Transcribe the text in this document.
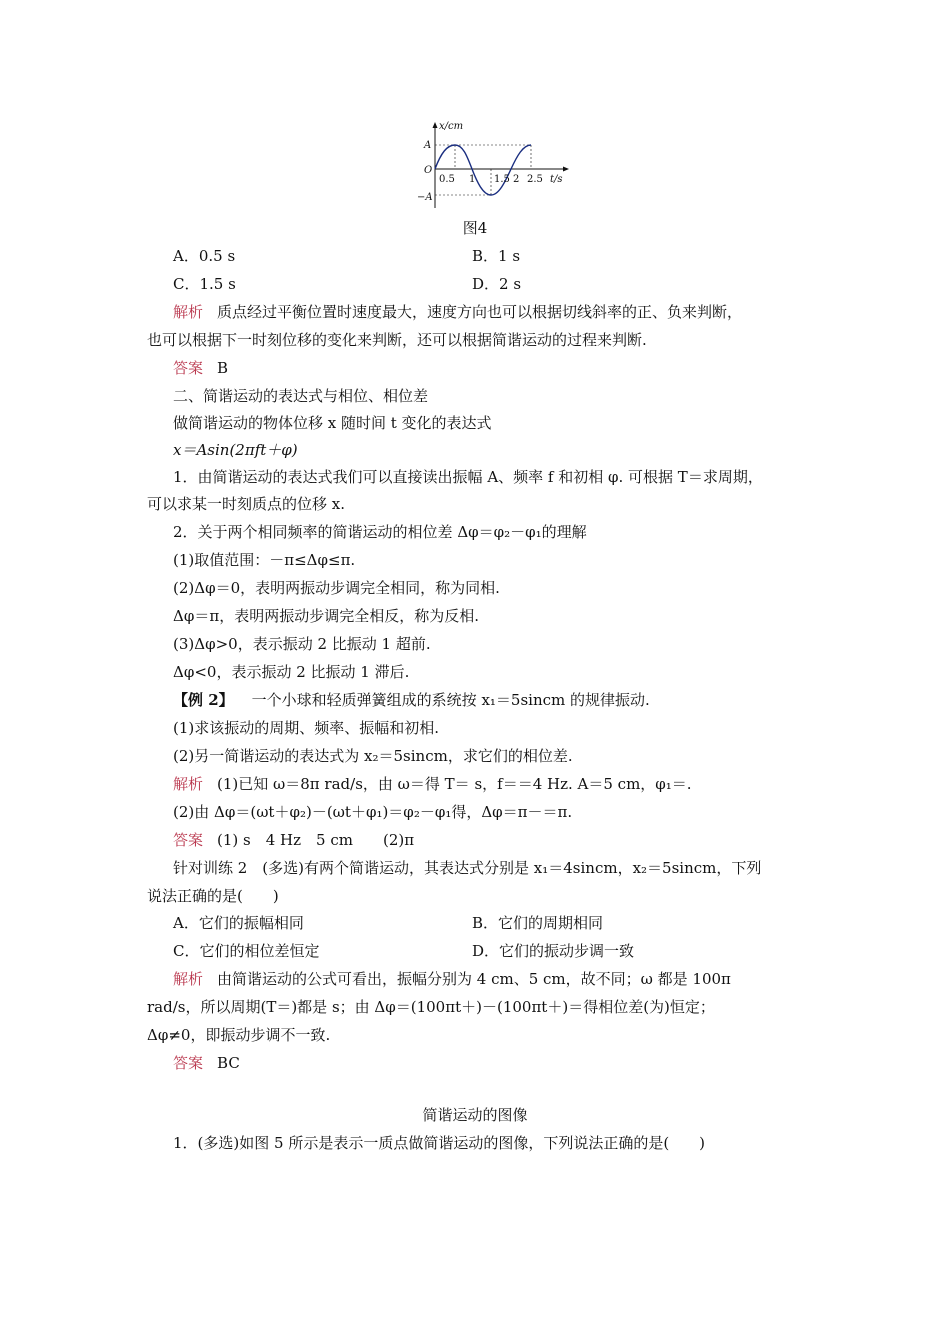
x/cm
A
O
−A
0.5 1 1.5 2 2.5 t/s
图4
A．0.5 s	B．1 s
C．1.5 s	D．2 s
解析 质点经过平衡位置时速度最大，速度方向也可以根据切线斜率的正、负来判断，
也可以根据下一时刻位移的变化来判断，还可以根据简谐运动的过程来判断.
答案 B
二、简谐运动的表达式与相位、相位差
做简谐运动的物体位移 x 随时间 t 变化的表达式
x＝Asin(2πft＋φ)
1．由简谐运动的表达式我们可以直接读出振幅 A、频率 f 和初相 φ. 可根据 T＝求周期，
可以求某一时刻质点的位移 x.
2．关于两个相同频率的简谐运动的相位差 Δφ＝φ₂－φ₁的理解
(1)取值范围：－π≤Δφ≤π.
(2)Δφ＝0，表明两振动步调完全相同，称为同相.
Δφ＝π，表明两振动步调完全相反，称为反相.
(3)Δφ>0，表示振动 2 比振动 1 超前.
Δφ<0，表示振动 2 比振动 1 滞后.
【例 2】 一个小球和轻质弹簧组成的系统按 x₁＝5sincm 的规律振动.
(1)求该振动的周期、频率、振幅和初相.
(2)另一简谐运动的表达式为 x₂＝5sincm，求它们的相位差.
解析 (1)已知 ω＝8π rad/s，由 ω＝得 T＝ s，f＝＝4 Hz. A＝5 cm，φ₁＝.
(2)由 Δφ＝(ωt＋φ₂)－(ωt＋φ₁)＝φ₂－φ₁得，Δφ＝π－＝π.
答案 (1) s　4 Hz　5 cm　　(2)π
针对训练 2　(多选)有两个简谐运动，其表达式分别是 x₁＝4sincm，x₂＝5sincm，下列
说法正确的是(　　)
A．它们的振幅相同	B．它们的周期相同
C．它们的相位差恒定	D．它们的振动步调一致
解析 由简谐运动的公式可看出，振幅分别为 4 cm、5 cm，故不同；ω 都是 100π
rad/s，所以周期(T＝)都是 s；由 Δφ＝(100πt＋)－(100πt＋)＝得相位差(为)恒定；
Δφ≠0，即振动步调不一致.
答案 BC
简谐运动的图像
1．(多选)如图 5 所示是表示一质点做简谐运动的图像，下列说法正确的是(　　)
